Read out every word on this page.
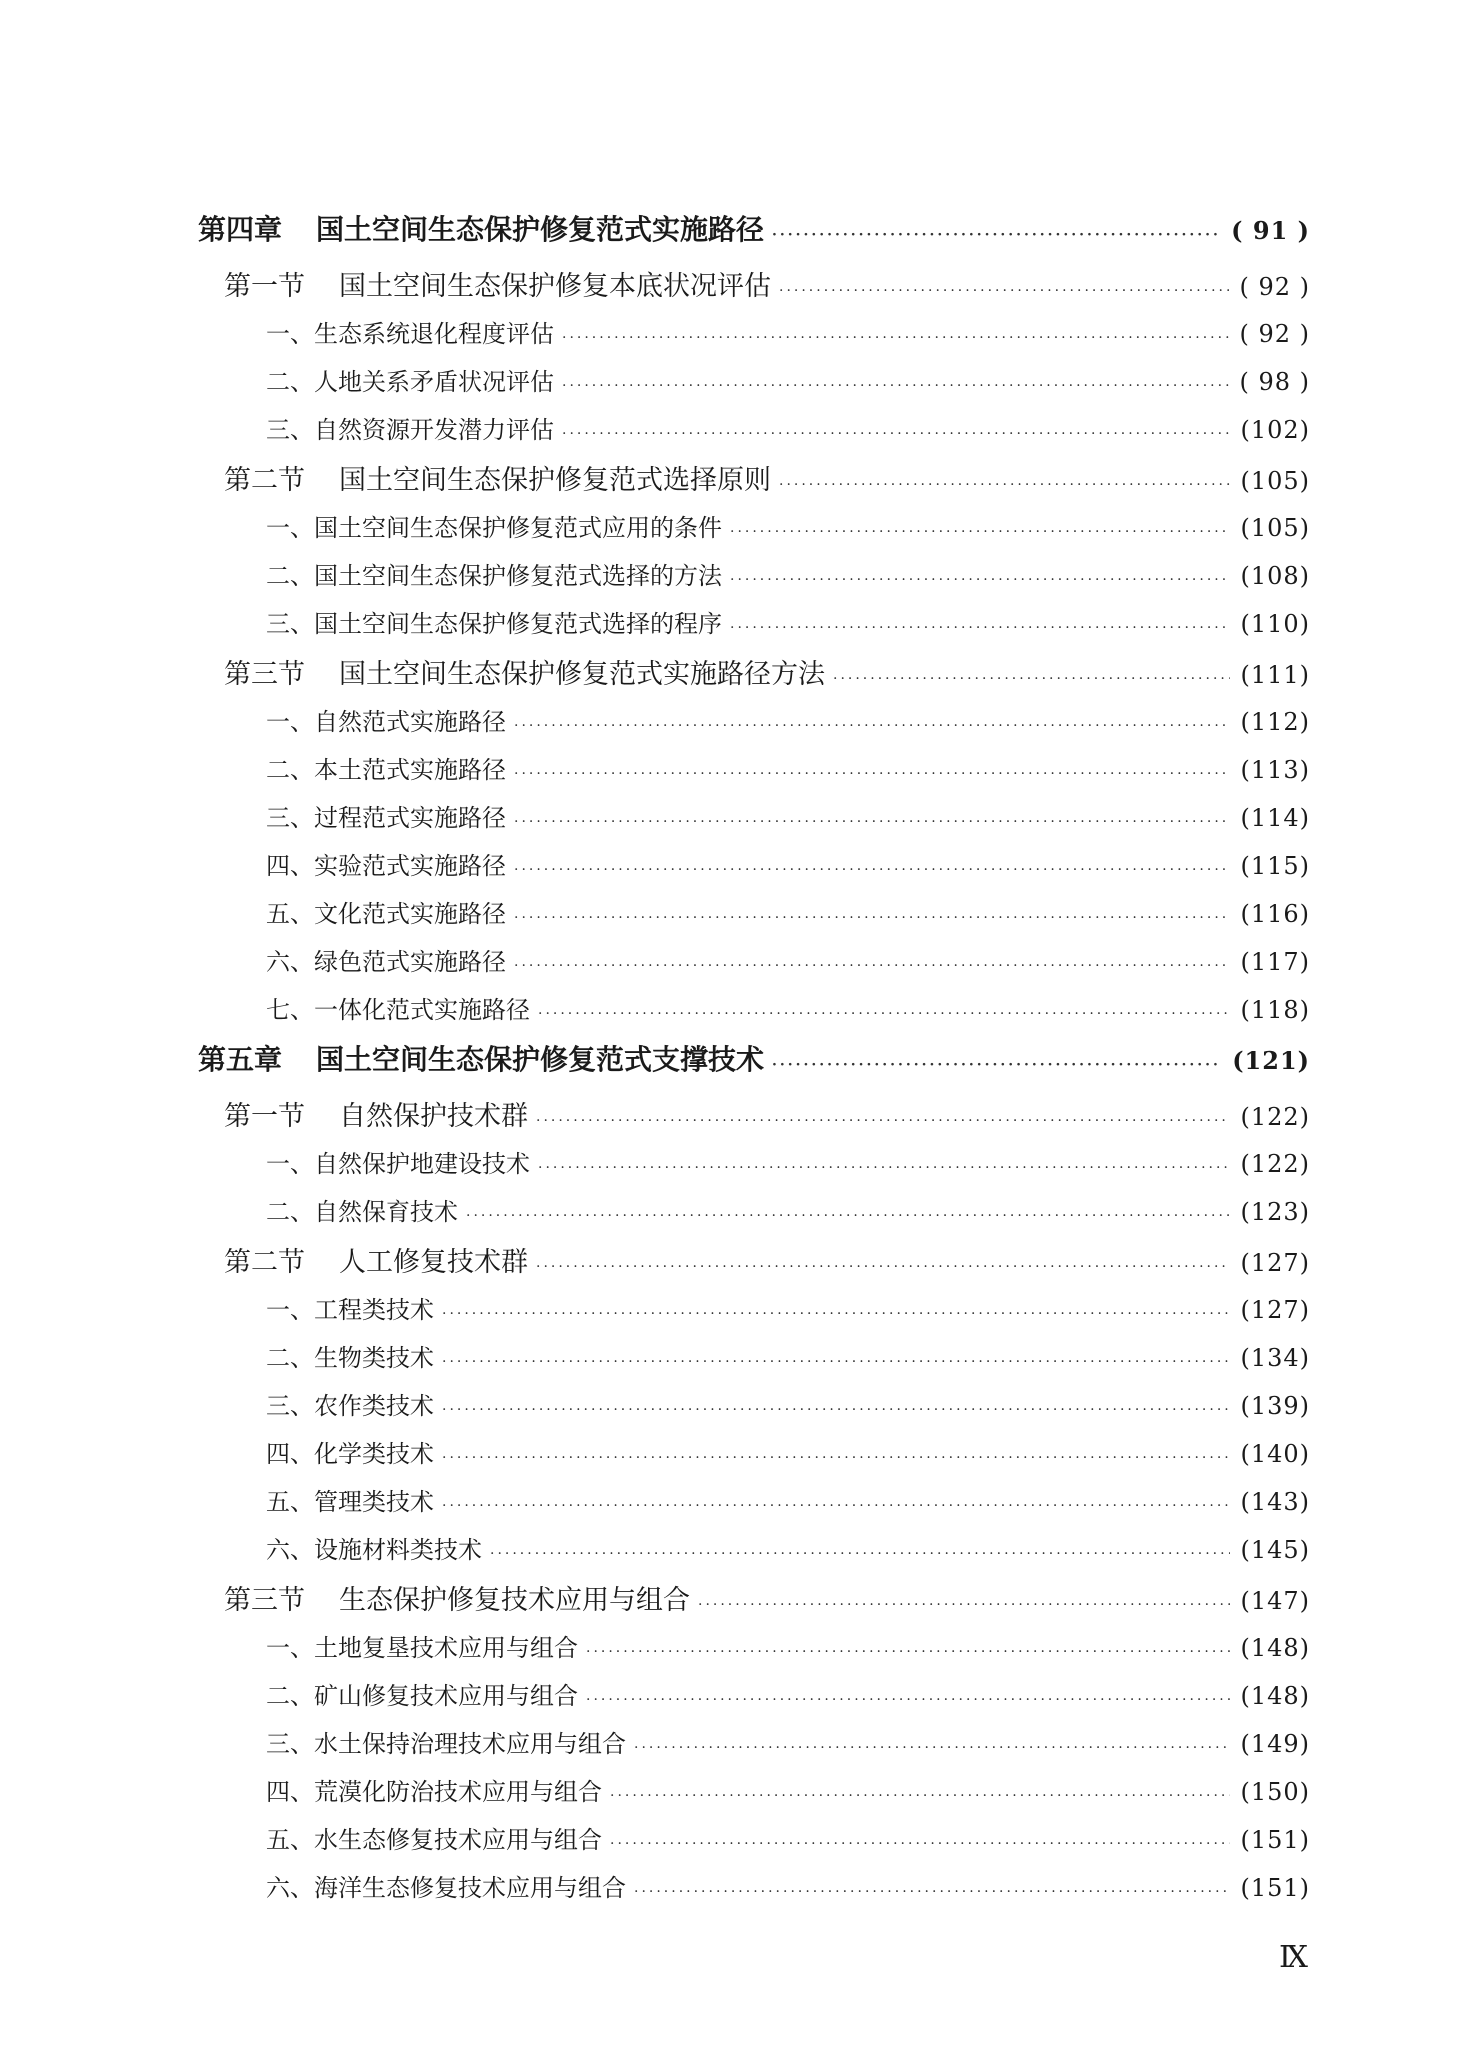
第四章 国土空间生态保护修复范式实施路径 ·····	( 91 )
第一节 国土空间生态保护修复本底状况评估 ·····	( 92 )
一、生态系统退化程度评估 ·····	( 92 )
二、人地关系矛盾状况评估 ·····	( 98 )
三、自然资源开发潜力评估 ·····	(102)
第二节 国土空间生态保护修复范式选择原则 ·····	(105)
一、国土空间生态保护修复范式应用的条件 ·····	(105)
二、国土空间生态保护修复范式选择的方法 ·····	(108)
三、国土空间生态保护修复范式选择的程序 ·····	(110)
第三节 国土空间生态保护修复范式实施路径方法 ·····	(111)
一、自然范式实施路径 ·····	(112)
二、本土范式实施路径 ·····	(113)
三、过程范式实施路径 ·····	(114)
四、实验范式实施路径 ·····	(115)
五、文化范式实施路径 ·····	(116)
六、绿色范式实施路径 ·····	(117)
七、一体化范式实施路径 ·····	(118)
第五章 国土空间生态保护修复范式支撑技术 ·····	(121)
第一节 自然保护技术群 ·····	(122)
一、自然保护地建设技术 ·····	(122)
二、自然保育技术 ·····	(123)
第二节 人工修复技术群 ·····	(127)
一、工程类技术 ·····	(127)
二、生物类技术 ·····	(134)
三、农作类技术 ·····	(139)
四、化学类技术 ·····	(140)
五、管理类技术 ·····	(143)
六、设施材料类技术 ·····	(145)
第三节 生态保护修复技术应用与组合 ·····	(147)
一、土地复垦技术应用与组合 ·····	(148)
二、矿山修复技术应用与组合 ·····	(148)
三、水土保持治理技术应用与组合 ·····	(149)
四、荒漠化防治技术应用与组合 ·····	(150)
五、水生态修复技术应用与组合 ·····	(151)
六、海洋生态修复技术应用与组合 ·····	(151)
Ⅸ
